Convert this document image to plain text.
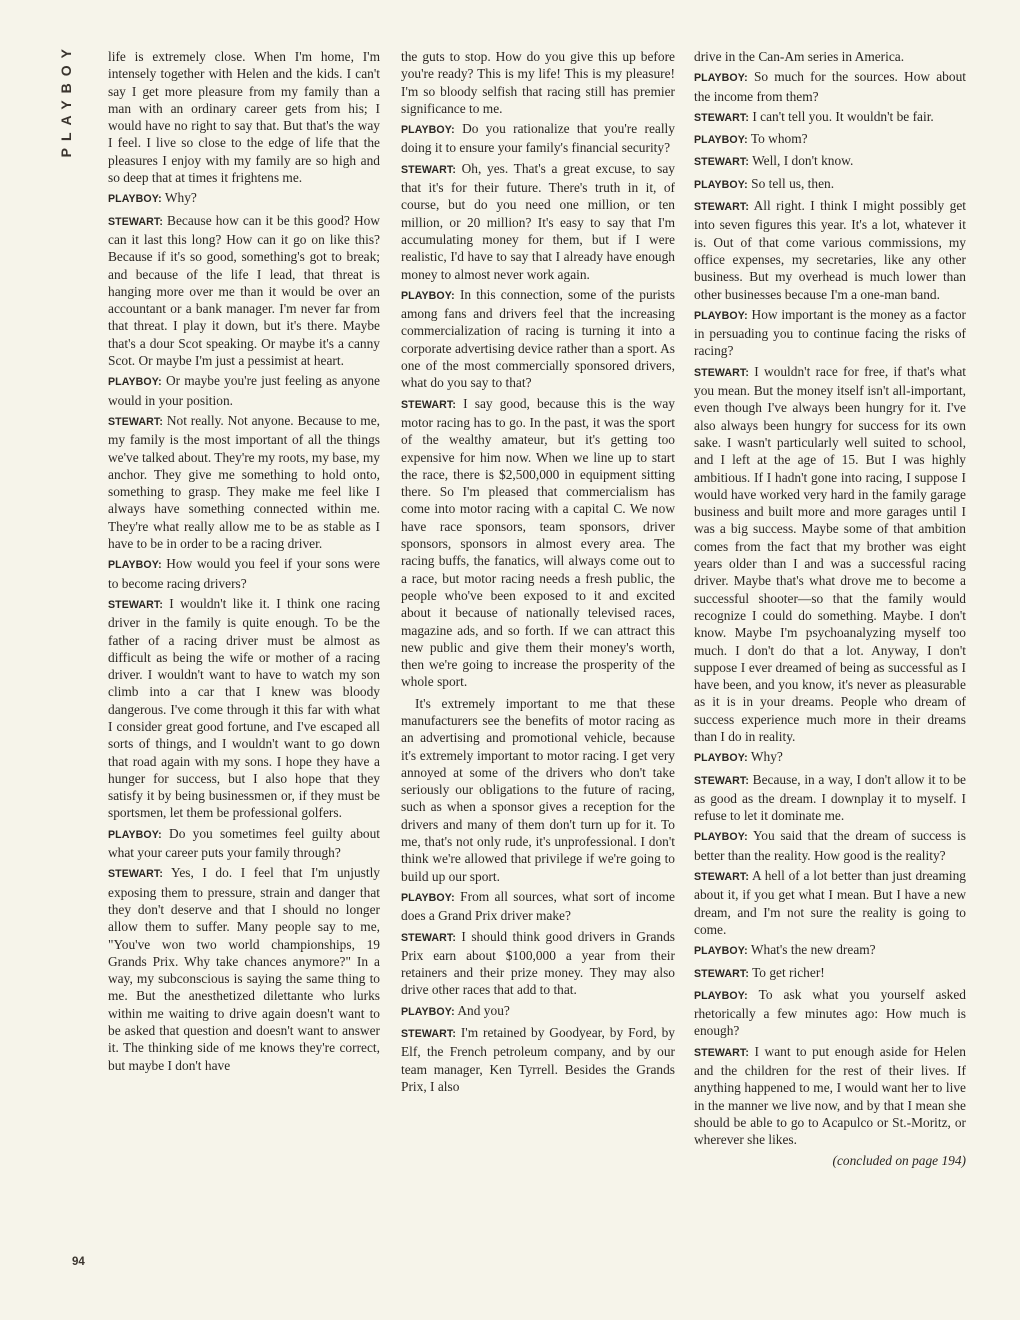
PLAYBOY
94

life is extremely close. When I'm home, I'm intensely together with Helen and the kids. I can't say I get more pleasure from my family than a man with an ordinary career gets from his; I would have no right to say that. But that's the way I feel. I live so close to the edge of life that the pleasures I enjoy with my family are so high and so deep that at times it frightens me.

PLAYBOY: Why?

STEWART: Because how can it be this good? How can it last this long? How can it go on like this? Because if it's so good, something's got to break; and because of the life I lead, that threat is hanging more over me than it would be over an accountant or a bank manager. I'm never far from that threat. I play it down, but it's there. Maybe that's a dour Scot speaking. Or maybe it's a canny Scot. Or maybe I'm just a pessimist at heart.

PLAYBOY: Or maybe you're just feeling as anyone would in your position.

STEWART: Not really. Not anyone. Because to me, my family is the most important of all the things we've talked about. They're my roots, my base, my anchor. They give me something to hold onto, something to grasp. They make me feel like I always have something connected within me. They're what really allow me to be as stable as I have to be in order to be a racing driver.

PLAYBOY: How would you feel if your sons were to become racing drivers?

STEWART: I wouldn't like it. I think one racing driver in the family is quite enough. To be the father of a racing driver must be almost as difficult as being the wife or mother of a racing driver. I wouldn't want to have to watch my son climb into a car that I knew was bloody dangerous. I've come through it this far with what I consider great good fortune, and I've escaped all sorts of things, and I wouldn't want to go down that road again with my sons. I hope they have a hunger for success, but I also hope that they satisfy it by being businessmen or, if they must be sportsmen, let them be professional golfers.

PLAYBOY: Do you sometimes feel guilty about what your career puts your family through?

STEWART: Yes, I do. I feel that I'm unjustly exposing them to pressure, strain and danger that they don't deserve and that I should no longer allow them to suffer. Many people say to me, "You've won two world championships, 19 Grands Prix. Why take chances anymore?" In a way, my subconscious is saying the same thing to me. But the anesthetized dilettante who lurks within me waiting to drive again doesn't want to be asked that question and doesn't want to answer it. The thinking side of me knows they're correct, but maybe I don't have

the guts to stop. How do you give this up before you're ready? This is my life! This is my pleasure! I'm so bloody selfish that racing still has premier significance to me.

PLAYBOY: Do you rationalize that you're really doing it to ensure your family's financial security?

STEWART: Oh, yes. That's a great excuse, to say that it's for their future. There's truth in it, of course, but do you need one million, or ten million, or 20 million? It's easy to say that I'm accumulating money for them, but if I were realistic, I'd have to say that I already have enough money to almost never work again.

PLAYBOY: In this connection, some of the purists among fans and drivers feel that the increasing commercialization of racing is turning it into a corporate advertising device rather than a sport. As one of the most commercially sponsored drivers, what do you say to that?

STEWART: I say good, because this is the way motor racing has to go. In the past, it was the sport of the wealthy amateur, but it's getting too expensive for him now. When we line up to start the race, there is $2,500,000 in equipment sitting there. So I'm pleased that commercialism has come into motor racing with a capital C. We now have race sponsors, team sponsors, driver sponsors, sponsors in almost every area. The racing buffs, the fanatics, will always come out to a race, but motor racing needs a fresh public, the people who've been exposed to it and excited about it because of nationally televised races, magazine ads, and so forth. If we can attract this new public and give them their money's worth, then we're going to increase the prosperity of the whole sport.

It's extremely important to me that these manufacturers see the benefits of motor racing as an advertising and promotional vehicle, because it's extremely important to motor racing. I get very annoyed at some of the drivers who don't take seriously our obligations to the future of racing, such as when a sponsor gives a reception for the drivers and many of them don't turn up for it. To me, that's not only rude, it's unprofessional. I don't think we're allowed that privilege if we're going to build up our sport.

PLAYBOY: From all sources, what sort of income does a Grand Prix driver make?

STEWART: I should think good drivers in Grands Prix earn about $100,000 a year from their retainers and their prize money. They may also drive other races that add to that.

PLAYBOY: And you?

STEWART: I'm retained by Goodyear, by Ford, by Elf, the French petroleum company, and by our team manager, Ken Tyrrell. Besides the Grands Prix, I also

drive in the Can-Am series in America.

PLAYBOY: So much for the sources. How about the income from them?

STEWART: I can't tell you. It wouldn't be fair.

PLAYBOY: To whom?

STEWART: Well, I don't know.

PLAYBOY: So tell us, then.

STEWART: All right. I think I might possibly get into seven figures this year. It's a lot, whatever it is. Out of that come various commissions, my office expenses, my secretaries, like any other business. But my overhead is much lower than other businesses because I'm a one-man band.

PLAYBOY: How important is the money as a factor in persuading you to continue facing the risks of racing?

STEWART: I wouldn't race for free, if that's what you mean. But the money itself isn't all-important, even though I've always been hungry for it. I've also always been hungry for success for its own sake. I wasn't particularly well suited to school, and I left at the age of 15. But I was highly ambitious. If I hadn't gone into racing, I suppose I would have worked very hard in the family garage business and built more and more garages until I was a big success. Maybe some of that ambition comes from the fact that my brother was eight years older than I and was a successful racing driver. Maybe that's what drove me to become a successful shooter—so that the family would recognize I could do something. Maybe. I don't know. Maybe I'm psychoanalyzing myself too much. I don't do that a lot. Anyway, I don't suppose I ever dreamed of being as successful as I have been, and you know, it's never as pleasurable as it is in your dreams. People who dream of success experience much more in their dreams than I do in reality.

PLAYBOY: Why?

STEWART: Because, in a way, I don't allow it to be as good as the dream. I downplay it to myself. I refuse to let it dominate me.

PLAYBOY: You said that the dream of success is better than the reality. How good is the reality?

STEWART: A hell of a lot better than just dreaming about it, if you get what I mean. But I have a new dream, and I'm not sure the reality is going to come.

PLAYBOY: What's the new dream?

STEWART: To get richer!

PLAYBOY: To ask what you yourself asked rhetorically a few minutes ago: How much is enough?

STEWART: I want to put enough aside for Helen and the children for the rest of their lives. If anything happened to me, I would want her to live in the manner we live now, and by that I mean she should be able to go to Acapulco or St.-Moritz, or wherever she likes.

(concluded on page 194)
